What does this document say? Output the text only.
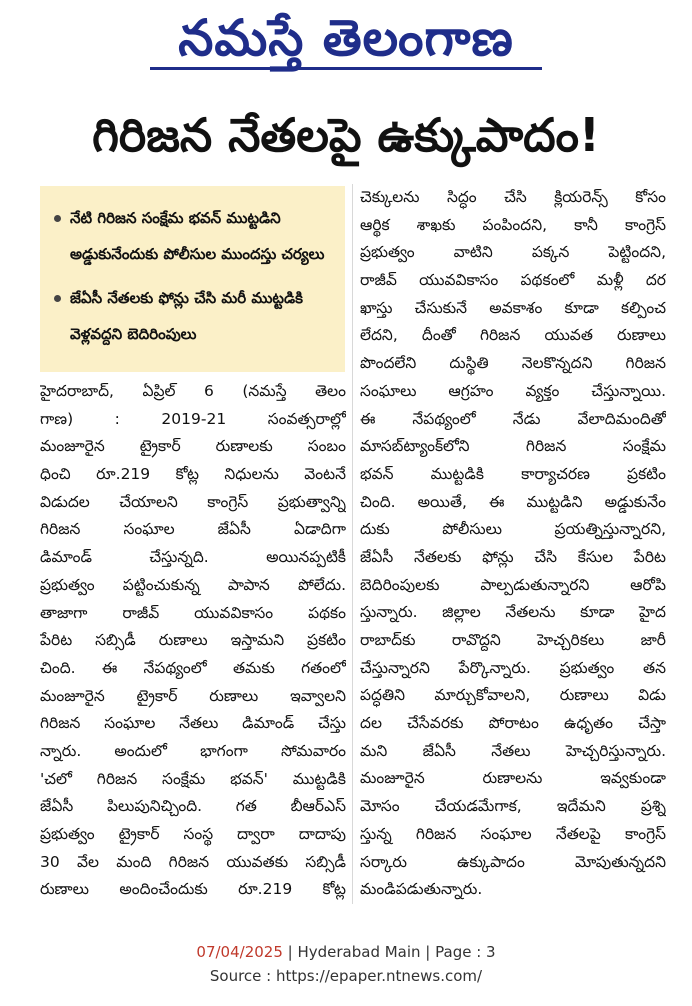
నమస్తే తెలంగాణ
గిరిజన నేతలపై ఉక్కుపాదం!
నేటి గిరిజన సంక్షేమ భవన్ ముట్టడిని అడ్డుకునేందుకు పోలీసుల ముందస్తు చర్యలు
జేఏసీ నేతలకు ఫోన్లు చేసి మరీ ముట్టడికి వెళ్లవద్దని బెదిరింపులు
హైదరాబాద్, ఏప్రిల్ 6 (నమస్తే తెలం
గాణ) : 2019-21 సంవత్సరాల్లో
మంజూరైన ట్రైకార్ రుణాలకు సంబం
ధించి రూ.219 కోట్ల నిధులను వెంటనే
విడుదల చేయాలని కాంగ్రెస్ ప్రభుత్వాన్ని
గిరిజన సంఘాల జేఏసీ ఏడాదిగా
డిమాండ్ చేస్తున్నది. అయినప్పటికీ
ప్రభుత్వం పట్టించుకున్న పాపాన పోలేదు.
తాజాగా రాజీవ్ యువవికాసం పథకం
పేరిట సబ్సిడీ రుణాలు ఇస్తామని ప్రకటిం
చింది. ఈ నేపథ్యంలో తమకు గతంలో
మంజూరైన ట్రైకార్ రుణాలు ఇవ్వాలని
గిరిజన సంఘాల నేతలు డిమాండ్ చేస్తు
న్నారు. అందులో భాగంగా సోమవారం
'చలో గిరిజన సంక్షేమ భవన్' ముట్టడికి
జేఏసీ పిలుపునిచ్చింది. గత బీఆర్ఎస్
ప్రభుత్వం ట్రైకార్ సంస్థ ద్వారా దాదాపు
30 వేల మంది గిరిజన యువతకు సబ్సిడీ
రుణాలు అందించేందుకు రూ.219 కోట్ల
చెక్కులను సిద్ధం చేసి క్లియరెన్స్ కోసం
ఆర్థిక శాఖకు పంపిందని, కానీ కాంగ్రెస్
ప్రభుత్వం వాటిని పక్కన పెట్టిందని,
రాజీవ్ యువవికాసం పథకంలో మళ్లీ దర
ఖాస్తు చేసుకునే అవకాశం కూడా కల్పించ
లేదని, దీంతో గిరిజన యువత రుణాలు
పొందలేని దుస్థితి నెలకొన్నదని గిరిజన
సంఘాలు ఆగ్రహం వ్యక్తం చేస్తున్నాయి.
ఈ నేపథ్యంలో నేడు వేలాదిమందితో
మాసబ్‌ట్యాంక్‌లోని గిరిజన సంక్షేమ
భవన్ ముట్టడికి కార్యాచరణ ప్రకటిం
చింది. అయితే, ఈ ముట్టడిని అడ్డుకునేం
దుకు పోలీసులు ప్రయత్నిస్తున్నారని,
జేఏసీ నేతలకు ఫోన్లు చేసి కేసుల పేరిట
బెదిరింపులకు పాల్పడుతున్నారని ఆరోపి
స్తున్నారు. జిల్లాల నేతలను కూడా హైద
రాబాద్‌కు రావొద్దని హెచ్చరికలు జారీ
చేస్తున్నారని పేర్కొన్నారు. ప్రభుత్వం తన
పద్ధతిని మార్చుకోవాలని, రుణాలు విడు
దల చేసేవరకు పోరాటం ఉధృతం చేస్తా
మని జేఏసీ నేతలు హెచ్చరిస్తున్నారు.
మంజూరైన రుణాలను ఇవ్వకుండా
మోసం చేయడమేగాక, ఇదేమని ప్రశ్ని
స్తున్న గిరిజన సంఘాల నేతలపై కాంగ్రెస్
సర్కారు ఉక్కుపాదం మోపుతున్నదని
మండిపడుతున్నారు.
07/04/2025 | Hyderabad Main | Page : 3
Source : https://epaper.ntnews.com/
